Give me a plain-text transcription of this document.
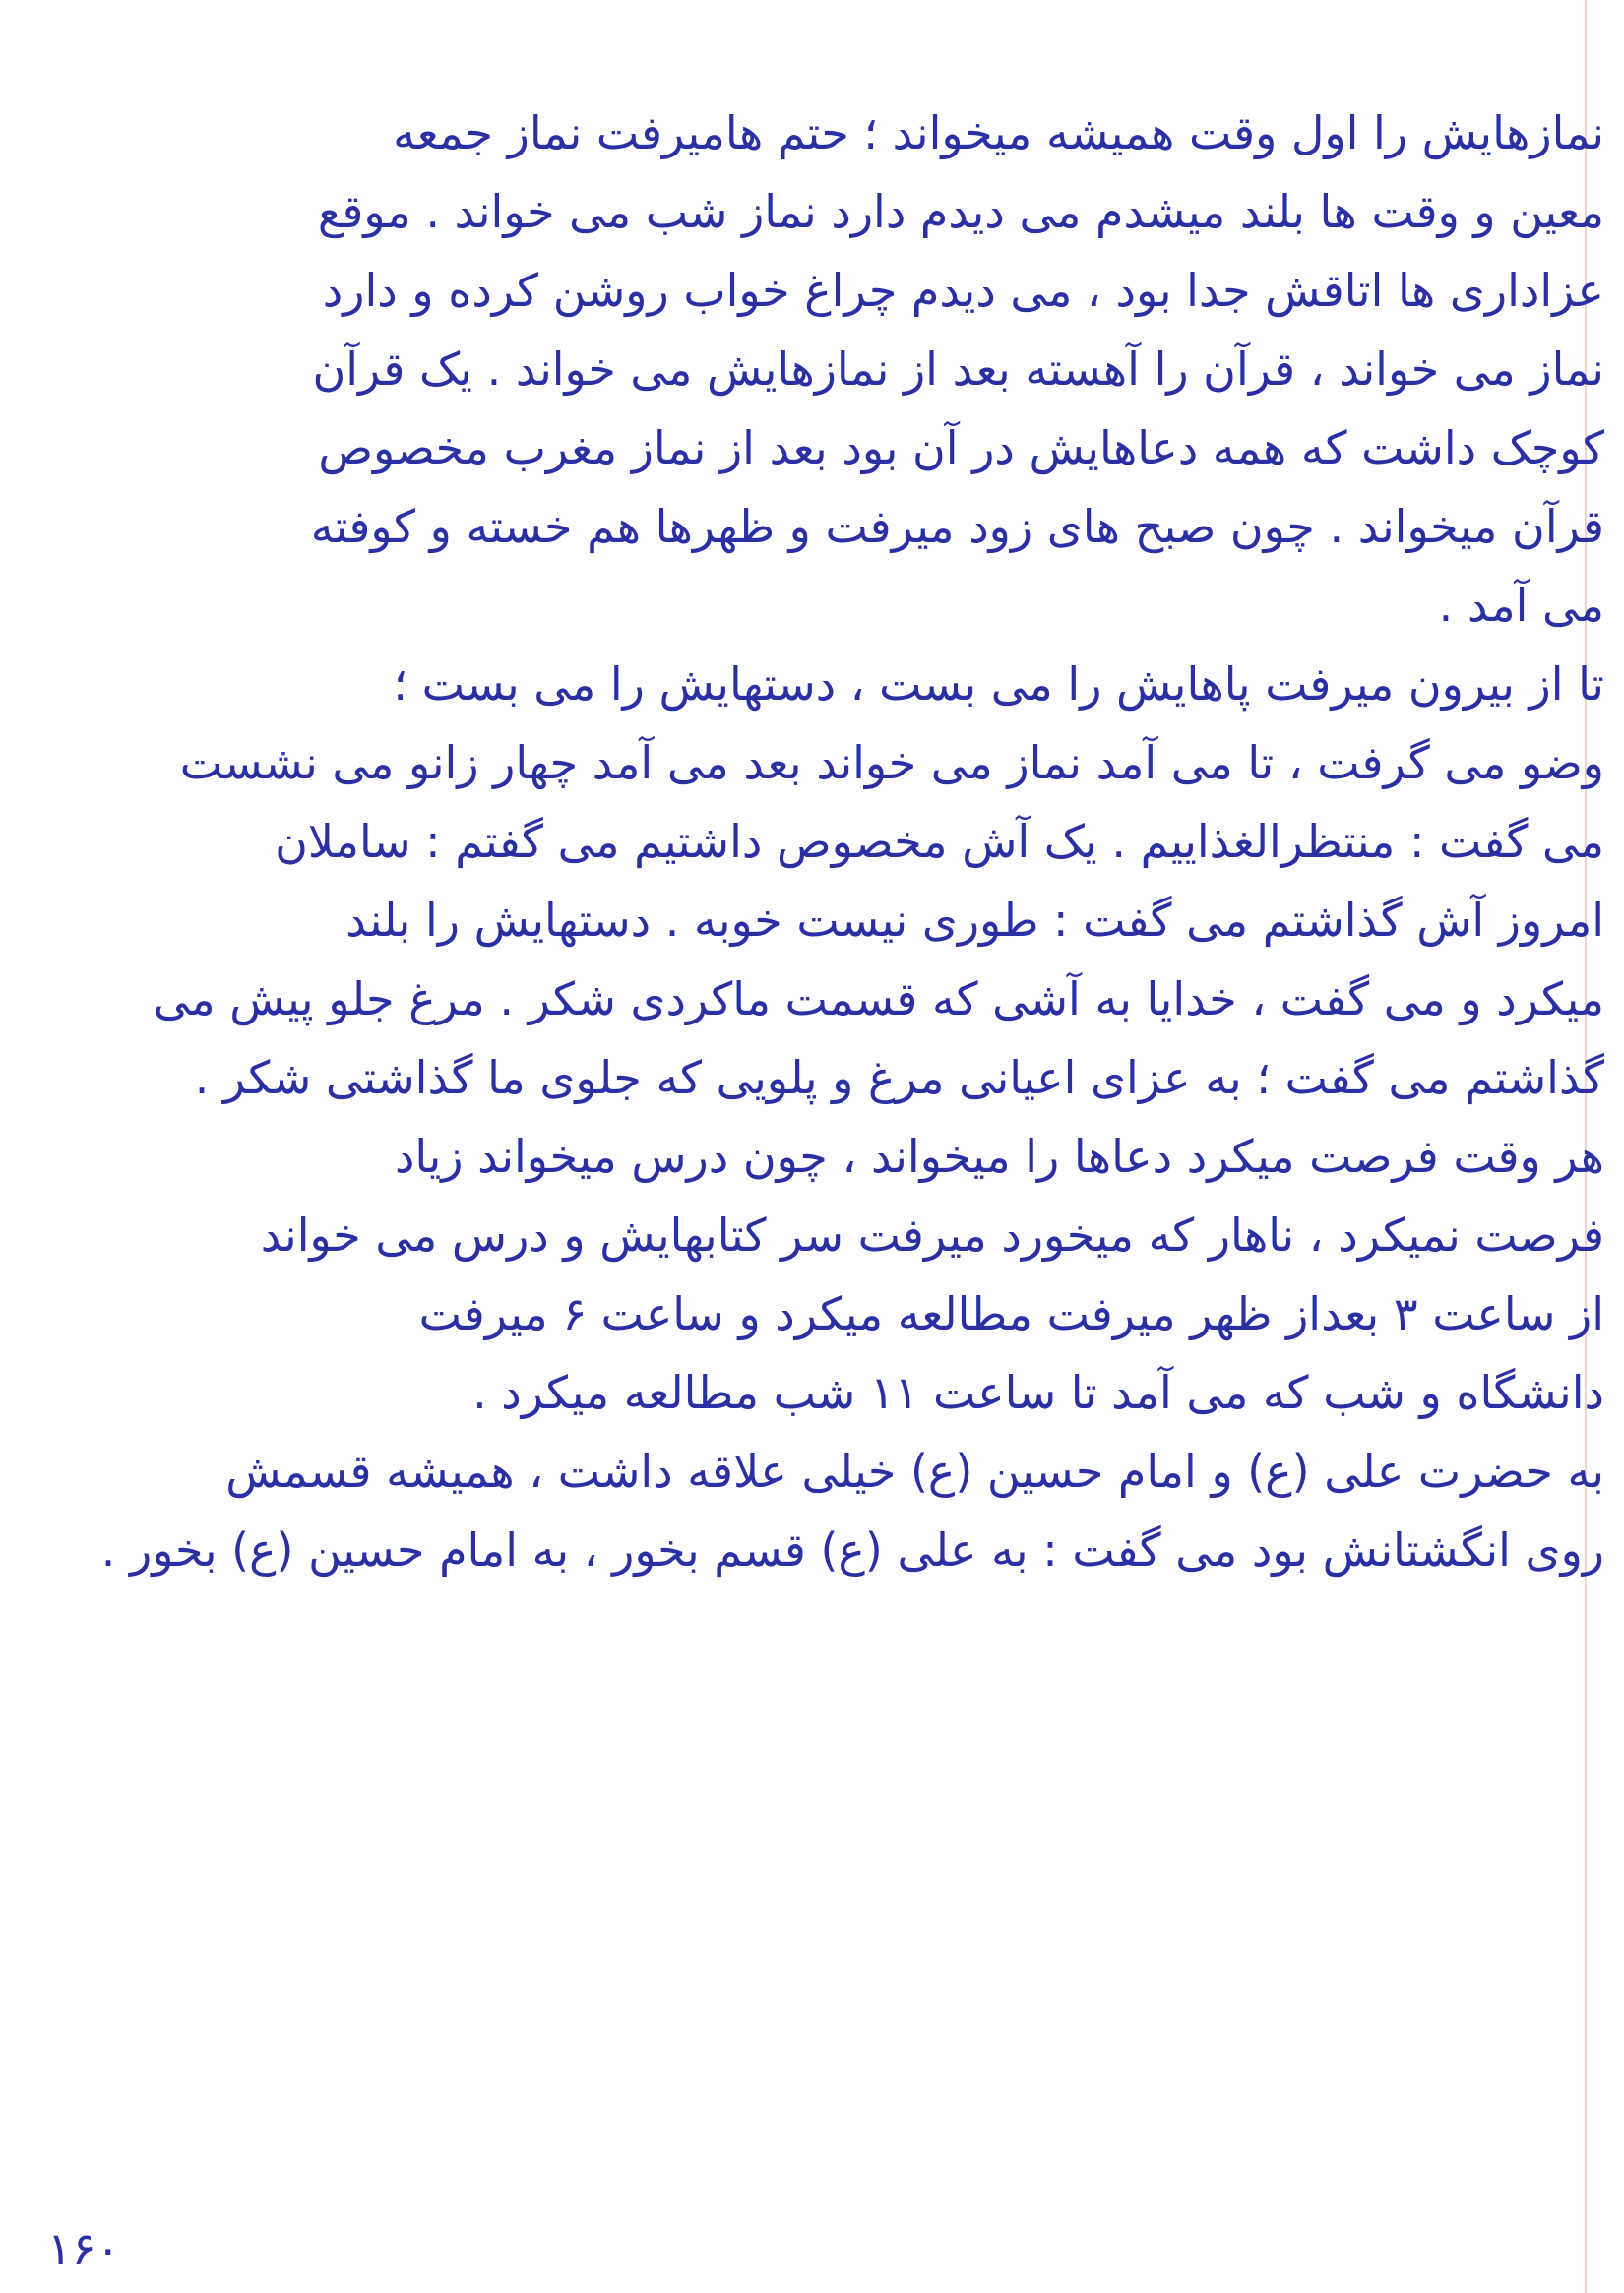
نمازهایش را اول وقت همیشه میخواند ؛ حتم هامیرفت نماز جمعه
معین و وقت ها بلند میشدم می دیدم دارد نماز شب می خواند . موقع
عزاداری ها اتاقش جدا بود ، می دیدم چراغ خواب روشن کرده و دارد
نماز می خواند ، قرآن را آهسته بعد از نمازهایش می خواند . یک قرآن
کوچک داشت که همه دعاهایش در آن بود بعد از نماز مغرب مخصوص
قرآن میخواند . چون صبح های زود میرفت و ظهرها هم خسته و کوفته
می آمد .
تا از بیرون میرفت پاهایش را می بست ، دستهایش را می بست ؛
وضو می گرفت ، تا می آمد نماز می خواند بعد می آمد چهار زانو می نشست
می گفت : منتظرالغذاییم . یک آش مخصوص داشتیم می گفتم : ساملان
امروز آش گذاشتم می گفت : طوری نیست خوبه . دستهایش را بلند
میکرد و می گفت ، خدایا به آشی که قسمت ماکردی شکر . مرغ جلو پیش می
گذاشتم می گفت ؛ به عزای اعیانی مرغ و پلویی که جلوی ما گذاشتی شکر .
هر وقت فرصت میکرد دعاها را میخواند ، چون درس میخواند زیاد
فرصت نمیکرد ، ناهار که میخورد میرفت سر کتابهایش و درس می خواند
از ساعت ۳ بعداز ظهر میرفت مطالعه میکرد و ساعت ۶ میرفت
دانشگاه و شب که می آمد تا ساعت ۱۱ شب مطالعه میکرد .
به حضرت علی (ع) و امام حسین (ع) خیلی علاقه داشت ، همیشه قسمش
روی انگشتانش بود می گفت : به علی (ع) قسم بخور ، به امام حسین (ع) بخور .
۱۶۰
